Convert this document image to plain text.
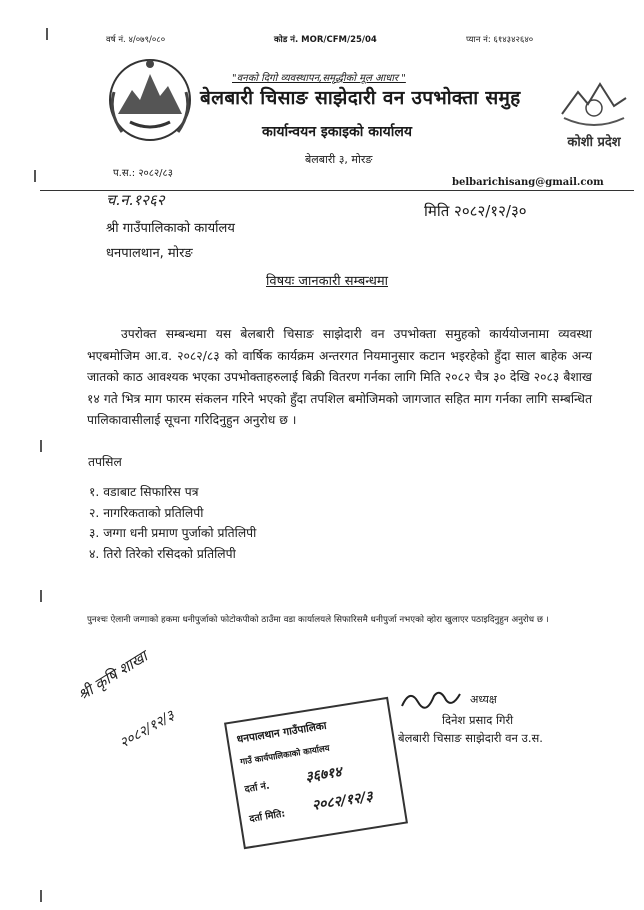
वर्ष नं. ४/०७९/०८०	कोड नं. MOR/CFM/25/04	प्यान नं: ६१४३४२६४०
"वनको दिगो व्यवस्थापन,समृद्धीको मूल आधार "
बेलबारी चिसाङ साझेदारी वन उपभोक्ता समुह
कार्यान्वयन इकाइको कार्यालय
बेलबारी ३, मोरङ
कोशी प्रदेश
प.स.: २०८२/८३
belbarichisang@gmail.com
च.न.१२६२
मिति २०८२/१२/३०
श्री गाउँपालिकाको कार्यालय
धनपालथान, मोरङ
विषयः जानकारी सम्बन्धमा
उपरोक्त सम्बन्धमा यस बेलबारी चिसाङ साझेदारी वन उपभोक्ता समुहको कार्ययोजनामा व्यवस्था भएबमोजिम आ.व. २०८२/८३ को वार्षिक कार्यक्रम अन्तरगत नियमानुसार कटान भइरहेको हुँदा साल बाहेक अन्य जातको काठ आवश्यक भएका उपभोक्ताहरुलाई बिक्री वितरण गर्नका लागि मिति २०८२ चैत्र ३० देखि २०८३ बैशाख १४ गते भित्र माग फारम संकलन गरिने भएको हुँदा तपशिल बमोजिमको जागजात सहित माग गर्नका लागि सम्बन्धित पालिकावासीलाई सूचना गरिदिनुहुन अनुरोध छ ।
तपसिल
१. वडाबाट सिफारिस पत्र
२. नागरिकताको प्रतिलिपी
३. जग्गा धनी प्रमाण पुर्जाको प्रतिलिपी
४. तिरो तिरेको रसिदको प्रतिलिपी
पुनश्चः ऐलानी जग्गाको हकमा धनीपुर्जाको फोटोकपीको ठाउँमा वडा कार्यालयले सिफारिसमै धनीपुर्जा नभएको व्होरा खुलाएर पठाइदिनुहुन अनुरोध छ ।
श्री कृषि शाखा
२०८२/१२/३
अध्यक्ष
दिनेश प्रसाद गिरी
बेलबारी चिसाङ साझेदारी वन उ.स.
धनपालथान गाउँपालिका
गाउँ कार्यपालिकाको कार्यालय
दर्ता नं.
३६७१४
दर्ता मिति:
२०८२/१२/३
